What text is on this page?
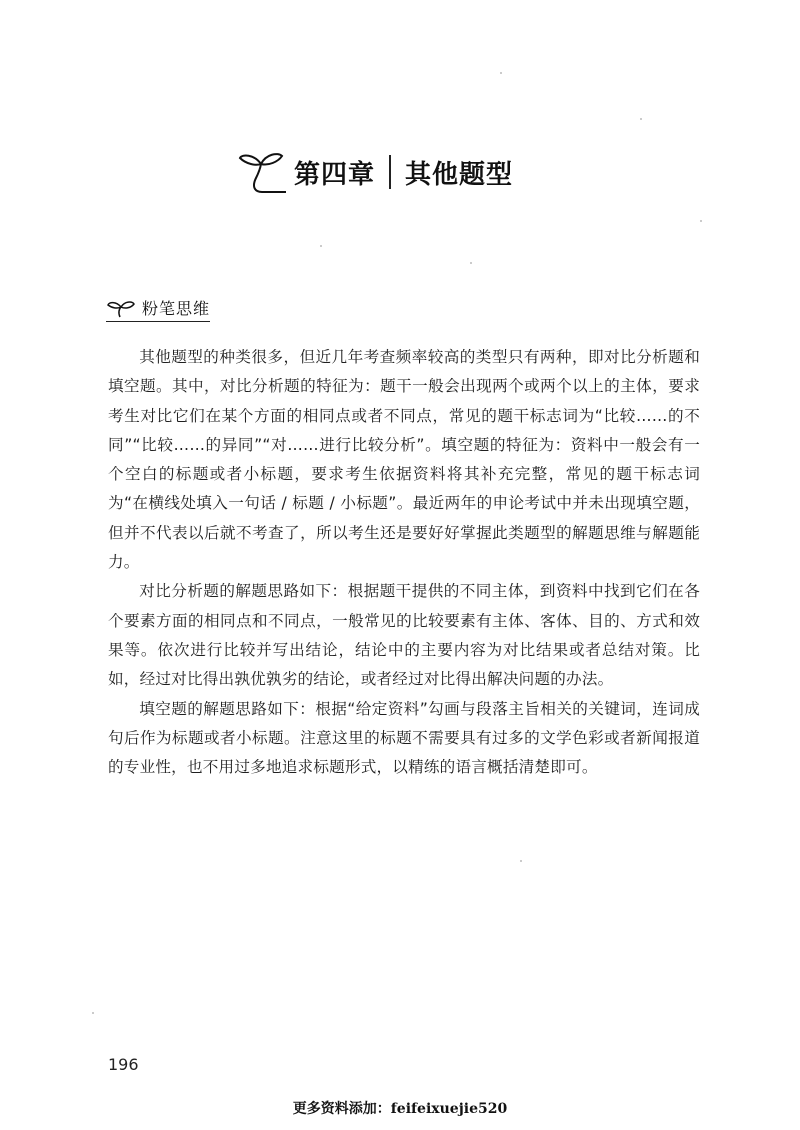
第四章 其他题型
粉笔思维

其他题型的种类很多，但近几年考查频率较高的类型只有两种，即对比分析题和填空题。其中，对比分析题的特征为：题干一般会出现两个或两个以上的主体，要求考生对比它们在某个方面的相同点或者不同点，常见的题干标志词为“比较……的不同”“比较……的异同”“对……进行比较分析”。填空题的特征为：资料中一般会有一个空白的标题或者小标题，要求考生依据资料将其补充完整，常见的题干标志词为“在横线处填入一句话 / 标题 / 小标题”。最近两年的申论考试中并未出现填空题，但并不代表以后就不考查了，所以考生还是要好好掌握此类题型的解题思维与解题能力。

对比分析题的解题思路如下：根据题干提供的不同主体，到资料中找到它们在各个要素方面的相同点和不同点，一般常见的比较要素有主体、客体、目的、方式和效果等。依次进行比较并写出结论，结论中的主要内容为对比结果或者总结对策。比如，经过对比得出孰优孰劣的结论，或者经过对比得出解决问题的办法。

填空题的解题思路如下：根据“给定资料”勾画与段落主旨相关的关键词，连词成句后作为标题或者小标题。注意这里的标题不需要具有过多的文学色彩或者新闻报道的专业性，也不用过多地追求标题形式，以精练的语言概括清楚即可。

196
更多资料添加：feifeixuejie520
